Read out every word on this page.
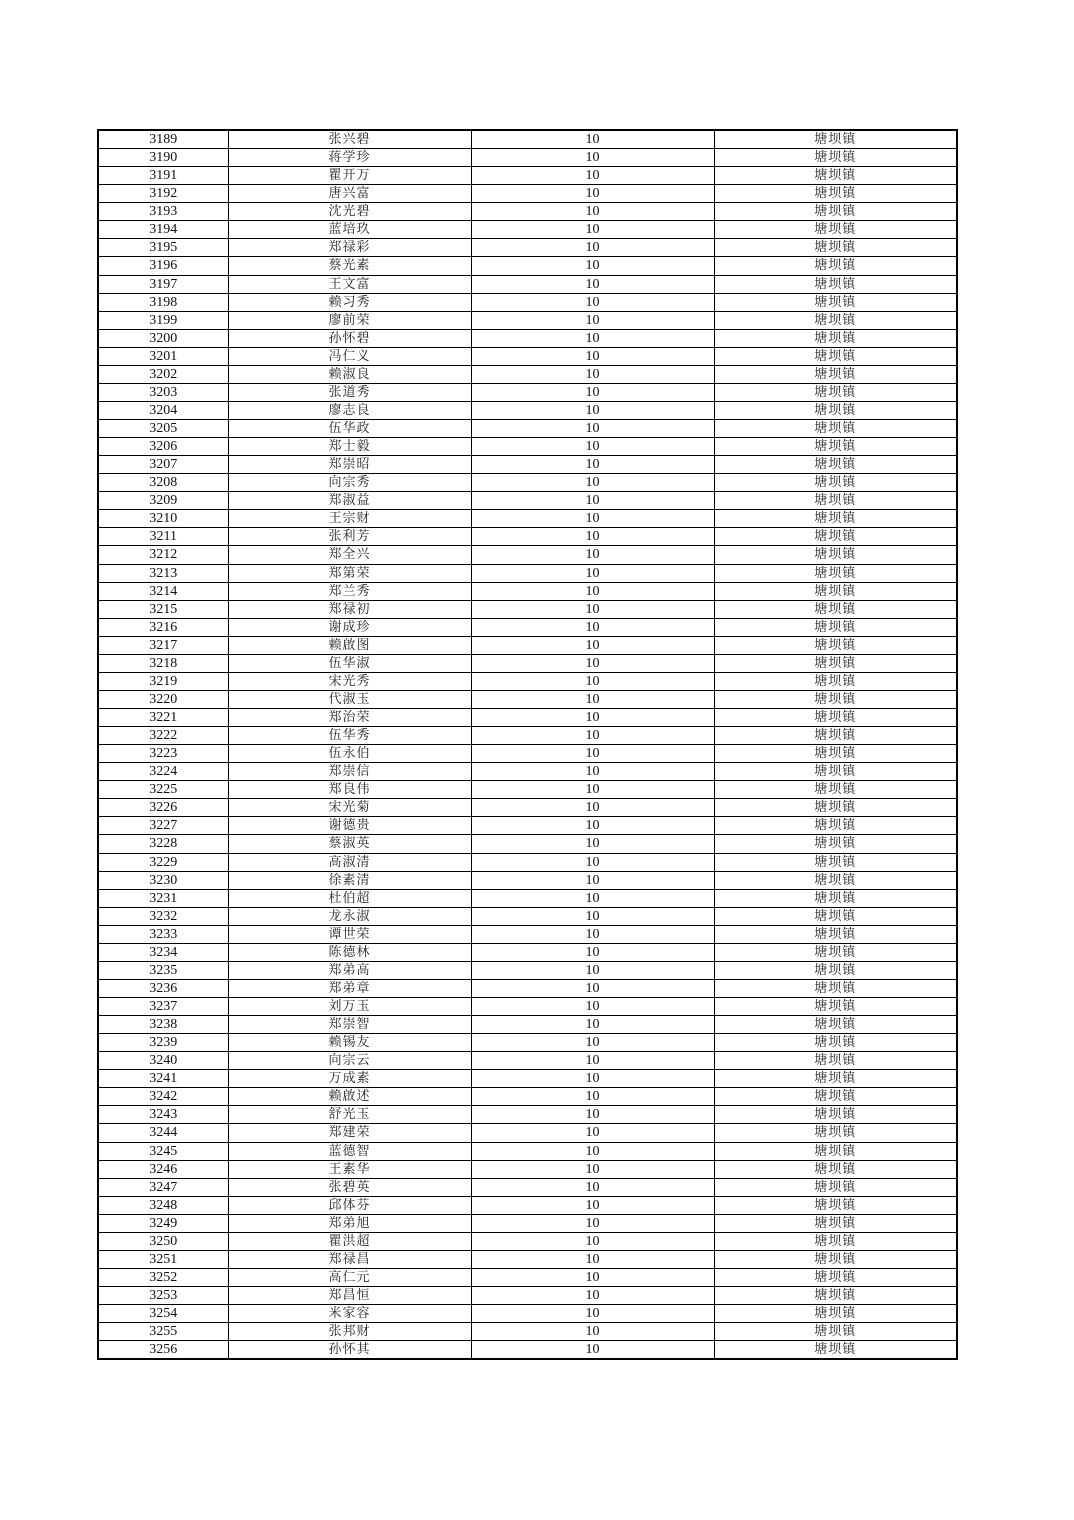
3189	张兴碧	10	塘坝镇
3190	蒋学珍	10	塘坝镇
3191	瞿开万	10	塘坝镇
3192	唐兴富	10	塘坝镇
3193	沈光碧	10	塘坝镇
3194	蓝培玖	10	塘坝镇
3195	郑禄彩	10	塘坝镇
3196	蔡光素	10	塘坝镇
3197	王文富	10	塘坝镇
3198	赖习秀	10	塘坝镇
3199	廖前荣	10	塘坝镇
3200	孙怀碧	10	塘坝镇
3201	冯仁义	10	塘坝镇
3202	赖淑良	10	塘坝镇
3203	张道秀	10	塘坝镇
3204	廖志良	10	塘坝镇
3205	伍华政	10	塘坝镇
3206	郑士毅	10	塘坝镇
3207	郑崇昭	10	塘坝镇
3208	向宗秀	10	塘坝镇
3209	郑淑益	10	塘坝镇
3210	王宗财	10	塘坝镇
3211	张利芳	10	塘坝镇
3212	郑全兴	10	塘坝镇
3213	郑第荣	10	塘坝镇
3214	郑兰秀	10	塘坝镇
3215	郑禄初	10	塘坝镇
3216	谢成珍	10	塘坝镇
3217	赖啟图	10	塘坝镇
3218	伍华淑	10	塘坝镇
3219	宋光秀	10	塘坝镇
3220	代淑玉	10	塘坝镇
3221	郑治荣	10	塘坝镇
3222	伍华秀	10	塘坝镇
3223	伍永伯	10	塘坝镇
3224	郑崇信	10	塘坝镇
3225	郑良伟	10	塘坝镇
3226	宋光菊	10	塘坝镇
3227	谢德贵	10	塘坝镇
3228	蔡淑英	10	塘坝镇
3229	高淑清	10	塘坝镇
3230	徐素清	10	塘坝镇
3231	杜伯超	10	塘坝镇
3232	龙永淑	10	塘坝镇
3233	谭世荣	10	塘坝镇
3234	陈德林	10	塘坝镇
3235	郑弟高	10	塘坝镇
3236	郑弟章	10	塘坝镇
3237	刘万玉	10	塘坝镇
3238	郑崇智	10	塘坝镇
3239	赖锡友	10	塘坝镇
3240	向宗云	10	塘坝镇
3241	万成素	10	塘坝镇
3242	赖啟述	10	塘坝镇
3243	舒光玉	10	塘坝镇
3244	郑建荣	10	塘坝镇
3245	蓝德智	10	塘坝镇
3246	王素华	10	塘坝镇
3247	张碧英	10	塘坝镇
3248	邱体芬	10	塘坝镇
3249	郑弟旭	10	塘坝镇
3250	瞿洪超	10	塘坝镇
3251	郑禄昌	10	塘坝镇
3252	高仁元	10	塘坝镇
3253	郑昌恒	10	塘坝镇
3254	米家容	10	塘坝镇
3255	张邦财	10	塘坝镇
3256	孙怀其	10	塘坝镇
